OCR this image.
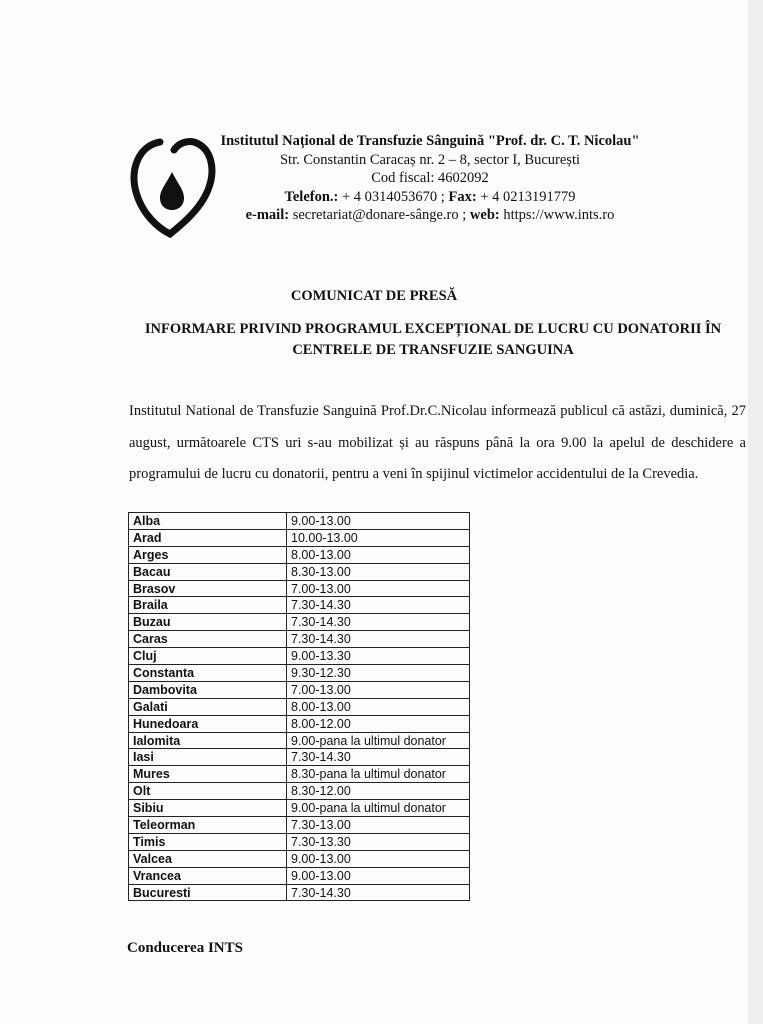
Institutul Național de Transfuzie Sânguină "Prof. dr. C. T. Nicolau"
Str. Constantin Caracaș nr. 2 – 8, sector I, București
Cod fiscal: 4602092
Telefon.: + 4 0314053670 ; Fax: + 4 0213191779
e-mail: secretariat@donare-sânge.ro ; web: https://www.ints.ro
COMUNICAT DE PRESĂ
INFORMARE PRIVIND PROGRAMUL EXCEPȚIONAL DE LUCRU CU DONATORII ÎN
CENTRELE DE TRANSFUZIE SANGUINA
Institutul National de Transfuzie Sanguină Prof.Dr.C.Nicolau informează publicul că astăzi, duminică, 27 august, următoarele CTS uri s-au mobilizat și au răspuns până la ora 9.00 la apelul de deschidere a programului de lucru cu donatorii, pentru a veni în spijinul victimelor accidentului de la Crevedia.
Alba	9.00-13.00
Arad	10.00-13.00
Arges	8.00-13.00
Bacau	8.30-13.00
Brasov	7.00-13.00
Braila	7.30-14.30
Buzau	7.30-14.30
Caras	7.30-14.30
Cluj	9.00-13.30
Constanta	9.30-12.30
Dambovita	7.00-13.00
Galati	8.00-13.00
Hunedoara	8.00-12.00
Ialomita	9.00-pana la ultimul donator
Iasi	7.30-14.30
Mures	8.30-pana la ultimul donator
Olt	8.30-12.00
Sibiu	9.00-pana la ultimul donator
Teleorman	7.30-13.00
Timis	7.30-13.30
Valcea	9.00-13.00
Vrancea	9.00-13.00
Bucuresti	7.30-14.30
Conducerea INTS
